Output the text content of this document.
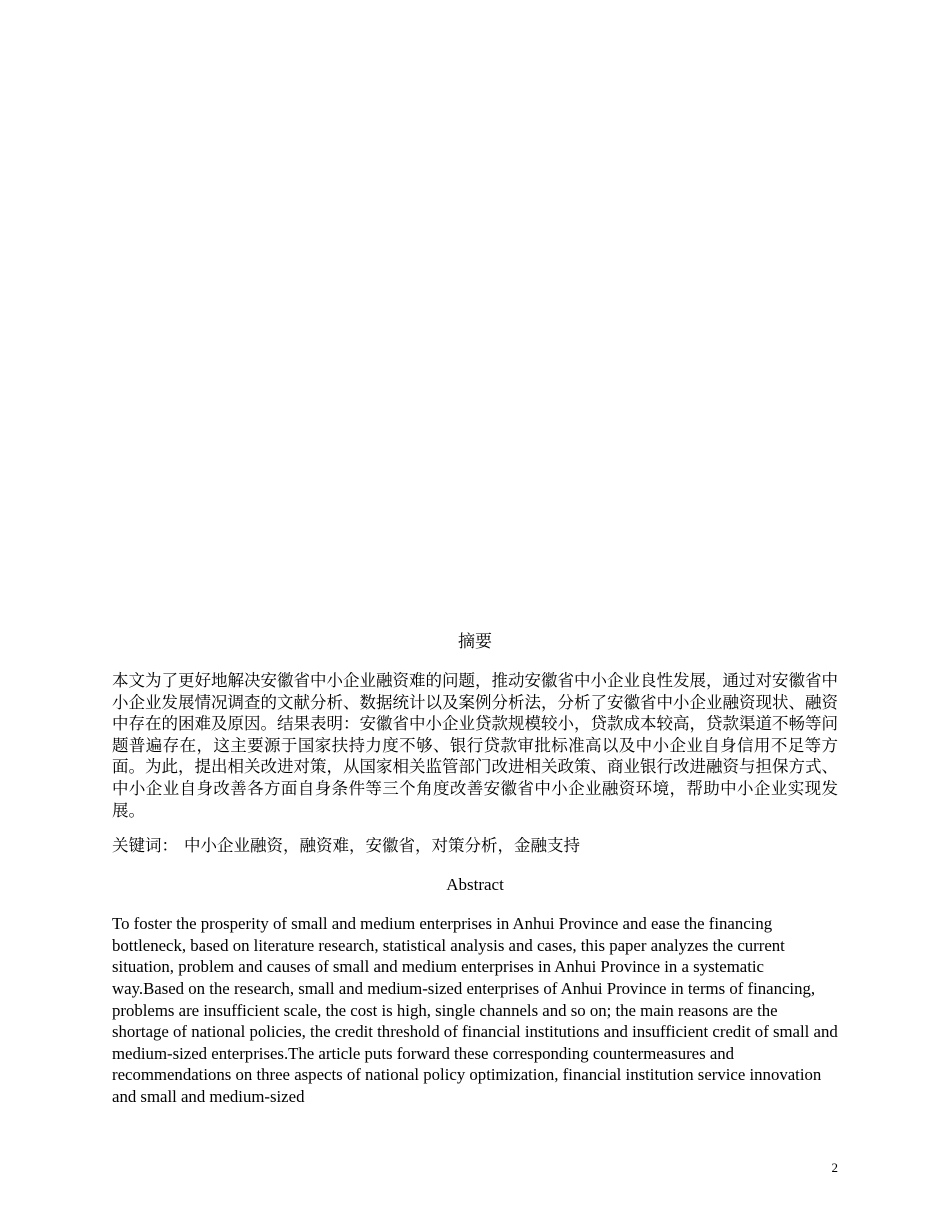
摘要

本文为了更好地解决安徽省中小企业融资难的问题，推动安徽省中小企业良性发展，通过对安徽省中小企业发展情况调查的文献分析、数据统计以及案例分析法，分析了安徽省中小企业融资现状、融资中存在的困难及原因。结果表明：安徽省中小企业贷款规模较小，贷款成本较高，贷款渠道不畅等问题普遍存在，这主要源于国家扶持力度不够、银行贷款审批标准高以及中小企业自身信用不足等方面。为此，提出相关改进对策，从国家相关监管部门改进相关政策、商业银行改进融资与担保方式、中小企业自身改善各方面自身条件等三个角度改善安徽省中小企业融资环境，帮助中小企业实现发展。

关键词： 中小企业融资，融资难，安徽省，对策分析，金融支持

Abstract

To foster the prosperity of small and medium enterprises in Anhui Province and ease the financing bottleneck, based on literature research, statistical analysis and cases, this paper analyzes the current situation, problem and causes of small and medium enterprises in Anhui Province in a systematic way.Based on the research, small and medium-sized enterprises of Anhui Province in terms of financing, problems are insufficient scale, the cost is high, single channels and so on; the main reasons are the shortage of national policies, the credit threshold of financial institutions and insufficient credit of small and medium-sized enterprises.The article puts forward these corresponding countermeasures and recommendations on three aspects of national policy optimization, financial institution service innovation and small and medium-sized

2
